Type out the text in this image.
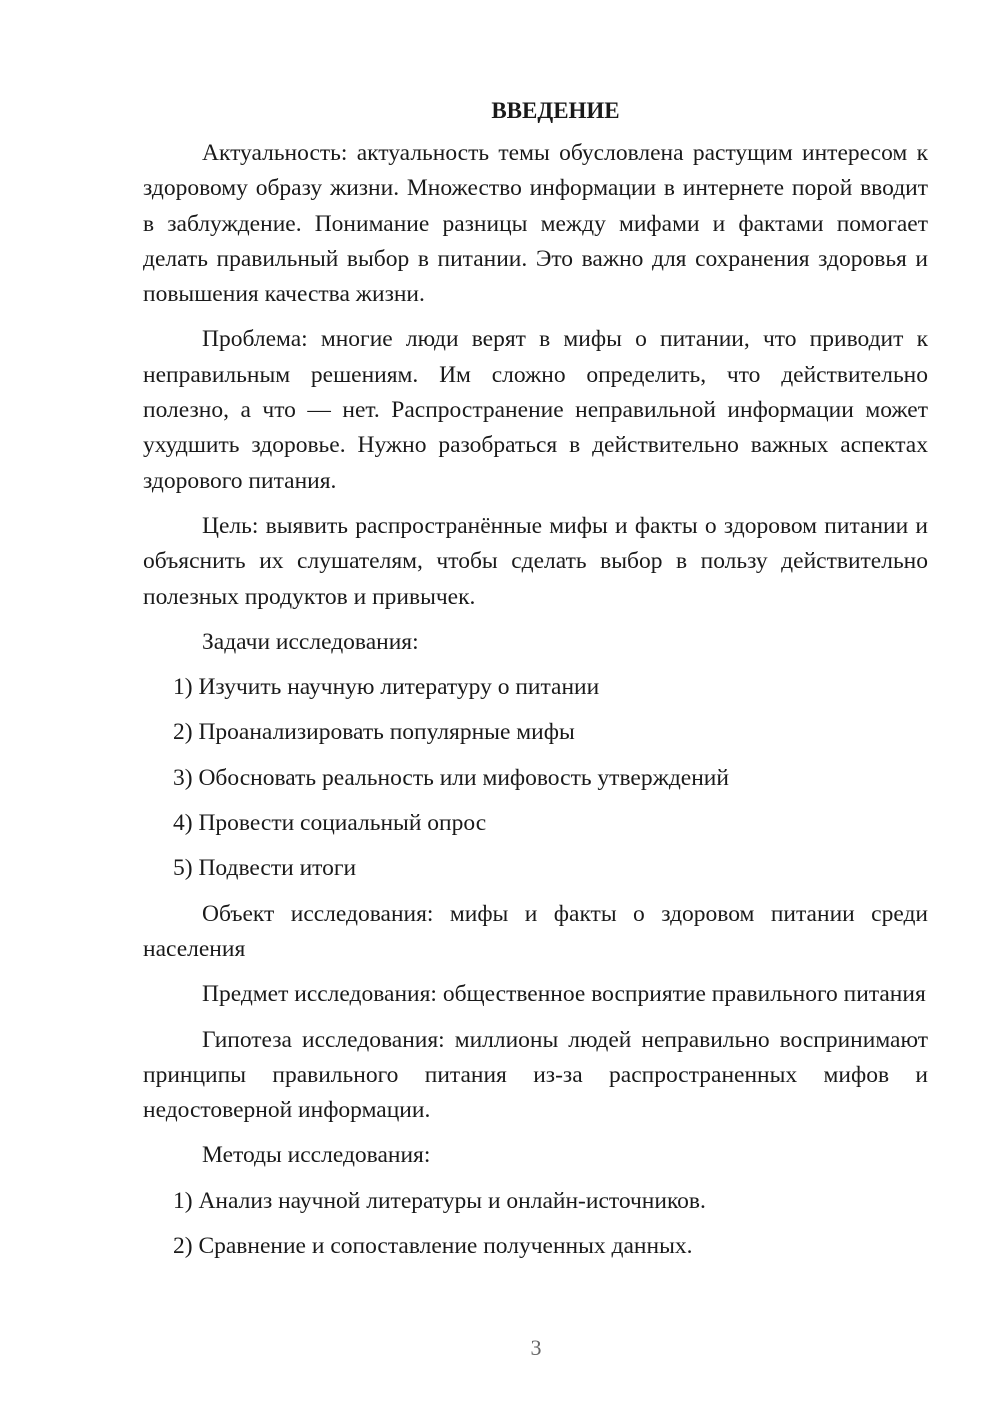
ВВЕДЕНИЕ
Актуальность: актуальность темы обусловлена растущим интересом к здоровому образу жизни. Множество информации в интернете порой вводит в заблуждение. Понимание разницы между мифами и фактами помогает делать правильный выбор в питании. Это важно для сохранения здоровья и повышения качества жизни.
Проблема: многие люди верят в мифы о питании, что приводит к неправильным решениям. Им сложно определить, что действительно полезно, а что — нет. Распространение неправильной информации может ухудшить здоровье. Нужно разобраться в действительно важных аспектах здорового питания.
Цель: выявить распространённые мифы и факты о здоровом питании и объяснить их слушателям, чтобы сделать выбор в пользу действительно полезных продуктов и привычек.
Задачи исследования:
1) Изучить научную литературу о питании
2) Проанализировать популярные мифы
3) Обосновать реальность или мифовость утверждений
4) Провести социальный опрос
5) Подвести итоги
Объект исследования: мифы и факты о здоровом питании среди населения
Предмет исследования: общественное восприятие правильного питания
Гипотеза исследования: миллионы людей неправильно воспринимают принципы правильного питания из-за распространенных мифов и недостоверной информации.
Методы исследования:
1) Анализ научной литературы и онлайн-источников.
2) Сравнение и сопоставление полученных данных.
3
